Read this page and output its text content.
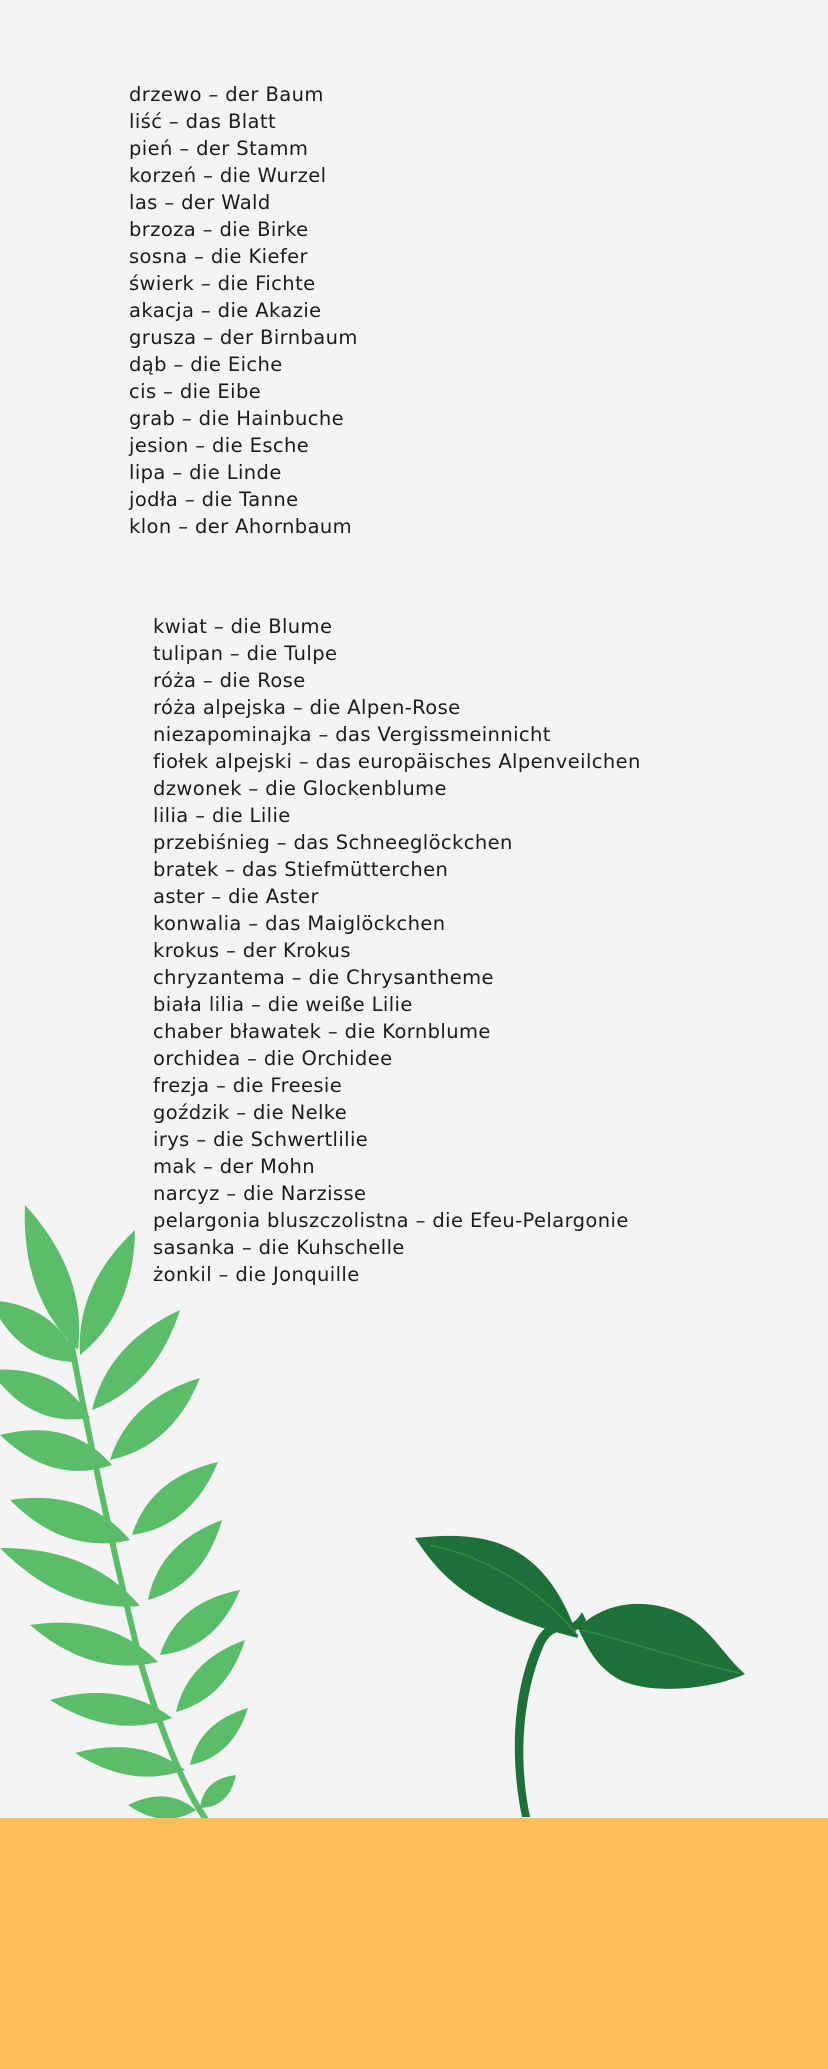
drzewo – der Baum
liść – das Blatt
pień – der Stamm
korzeń – die Wurzel
las – der Wald
brzoza – die Birke
sosna – die Kiefer
świerk – die Fichte
akacja – die Akazie
grusza – der Birnbaum
dąb – die Eiche
cis – die Eibe
grab – die Hainbuche
jesion – die Esche
lipa – die Linde
jodła – die Tanne
klon – der Ahornbaum
kwiat – die Blume
tulipan – die Tulpe
róża – die Rose
róża alpejska – die Alpen-Rose
niezapominajka – das Vergissmeinnicht
fiołek alpejski – das europäisches Alpenveilchen
dzwonek – die Glockenblume
lilia – die Lilie
przebiśnieg – das Schneeglöckchen
bratek – das Stiefmütterchen
aster – die Aster
konwalia – das Maiglöckchen
krokus – der Krokus
chryzantema – die Chrysantheme
biała lilia – die weiße Lilie
chaber bławatek – die Kornblume
orchidea – die Orchidee
frezja – die Freesie
goździk – die Nelke
irys – die Schwertlilie
mak – der Mohn
narcyz – die Narzisse
pelargonia bluszczolistna – die Efeu-Pelargonie
sasanka – die Kuhschelle
żonkil – die Jonquille
